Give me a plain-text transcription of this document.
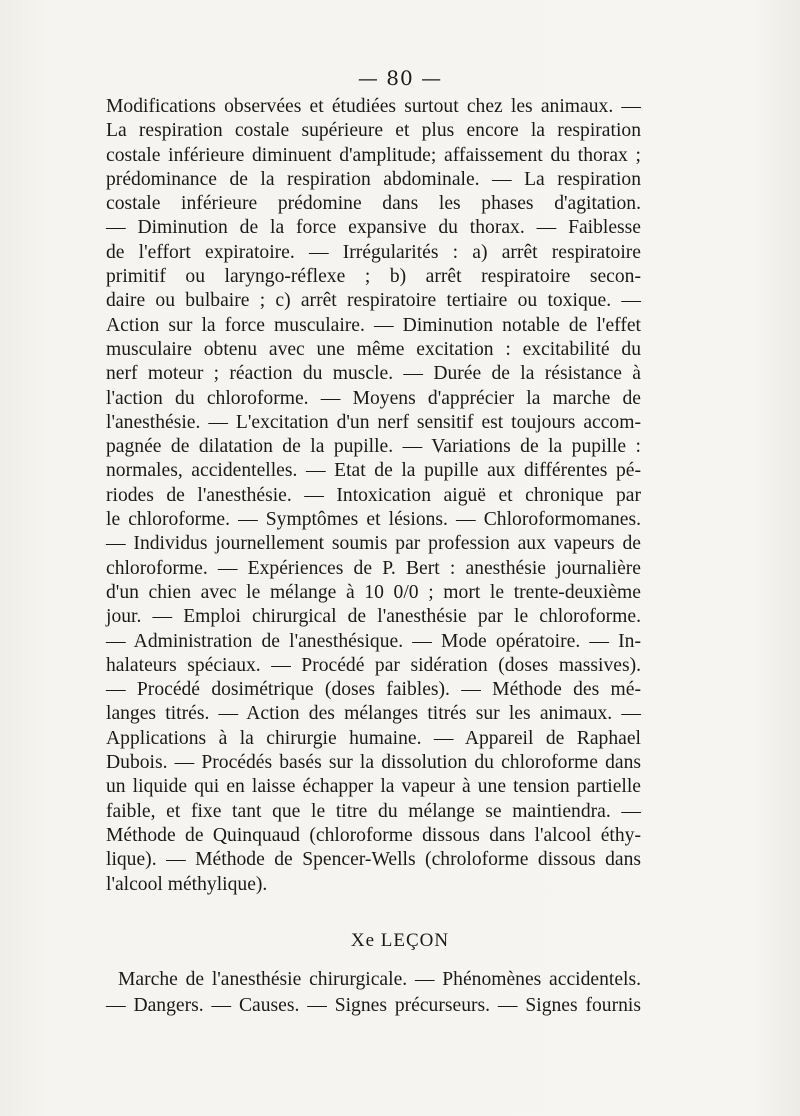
— 80 —
Modifications observées et étudiées surtout chez les animaux. —
La respiration costale supérieure et plus encore la respiration
costale inférieure diminuent d'amplitude; affaissement du thorax ;
prédominance de la respiration abdominale. — La respiration
costale inférieure prédomine dans les phases d'agitation.
— Diminution de la force expansive du thorax. — Faiblesse
de l'effort expiratoire. — Irrégularités : a) arrêt respiratoire
primitif ou laryngo-réflexe ; b) arrêt respiratoire secon-
daire ou bulbaire ; c) arrêt respiratoire tertiaire ou toxique. —
Action sur la force musculaire. — Diminution notable de l'effet
musculaire obtenu avec une même excitation : excitabilité du
nerf moteur ; réaction du muscle. — Durée de la résistance à
l'action du chloroforme. — Moyens d'apprécier la marche de
l'anesthésie. — L'excitation d'un nerf sensitif est toujours accom-
pagnée de dilatation de la pupille. — Variations de la pupille :
normales, accidentelles. — Etat de la pupille aux différentes pé-
riodes de l'anesthésie. — Intoxication aiguë et chronique par
le chloroforme. — Symptômes et lésions. — Chloroformomanes.
— Individus journellement soumis par profession aux vapeurs de
chloroforme. — Expériences de P. Bert : anesthésie journalière
d'un chien avec le mélange à 10 0/0 ; mort le trente-deuxième
jour. — Emploi chirurgical de l'anesthésie par le chloroforme.
— Administration de l'anesthésique. — Mode opératoire. — In-
halateurs spéciaux. — Procédé par sidération (doses massives).
— Procédé dosimétrique (doses faibles). — Méthode des mé-
langes titrés. — Action des mélanges titrés sur les animaux. —
Applications à la chirurgie humaine. — Appareil de Raphael
Dubois. — Procédés basés sur la dissolution du chloroforme dans
un liquide qui en laisse échapper la vapeur à une tension partielle
faible, et fixe tant que le titre du mélange se maintiendra. —
Méthode de Quinquaud (chloroforme dissous dans l'alcool éthy-
lique). — Méthode de Spencer-Wells (chroloforme dissous dans
l'alcool méthylique).
Xe LEÇON
Marche de l'anesthésie chirurgicale. — Phénomènes accidentels.
— Dangers. — Causes. — Signes précurseurs. — Signes fournis
